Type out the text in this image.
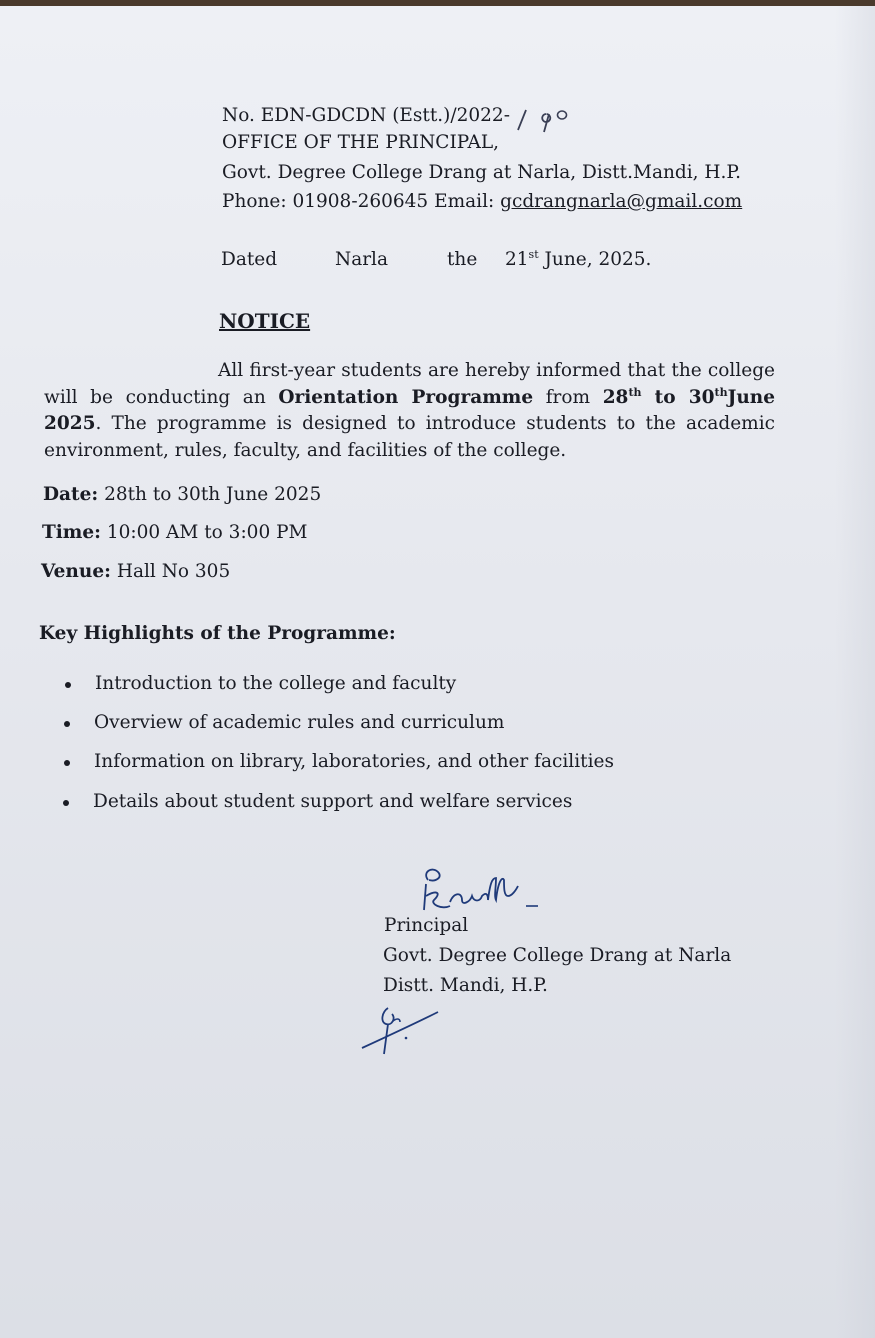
No. EDN-GDCDN (Estt.)/2022-
OFFICE OF THE PRINCIPAL,
Govt. Degree College Drang at Narla, Distt.Mandi, H.P.
Phone: 01908-260645 Email: gcdrangnarla@gmail.com
Dated	Narla	the 21st June, 2025.
NOTICE
All first-year students are hereby informed that the college will be conducting an Orientation Programme from 28th to 30thJune 2025. The programme is designed to introduce students to the academic environment, rules, faculty, and facilities of the college.
Date: 28th to 30th June 2025
Time: 10:00 AM to 3:00 PM
Venue: Hall No 305
Key Highlights of the Programme:
Introduction to the college and faculty
Overview of academic rules and curriculum
Information on library, laboratories, and other facilities
Details about student support and welfare services
Principal
Govt. Degree College Drang at Narla
Distt. Mandi, H.P.
